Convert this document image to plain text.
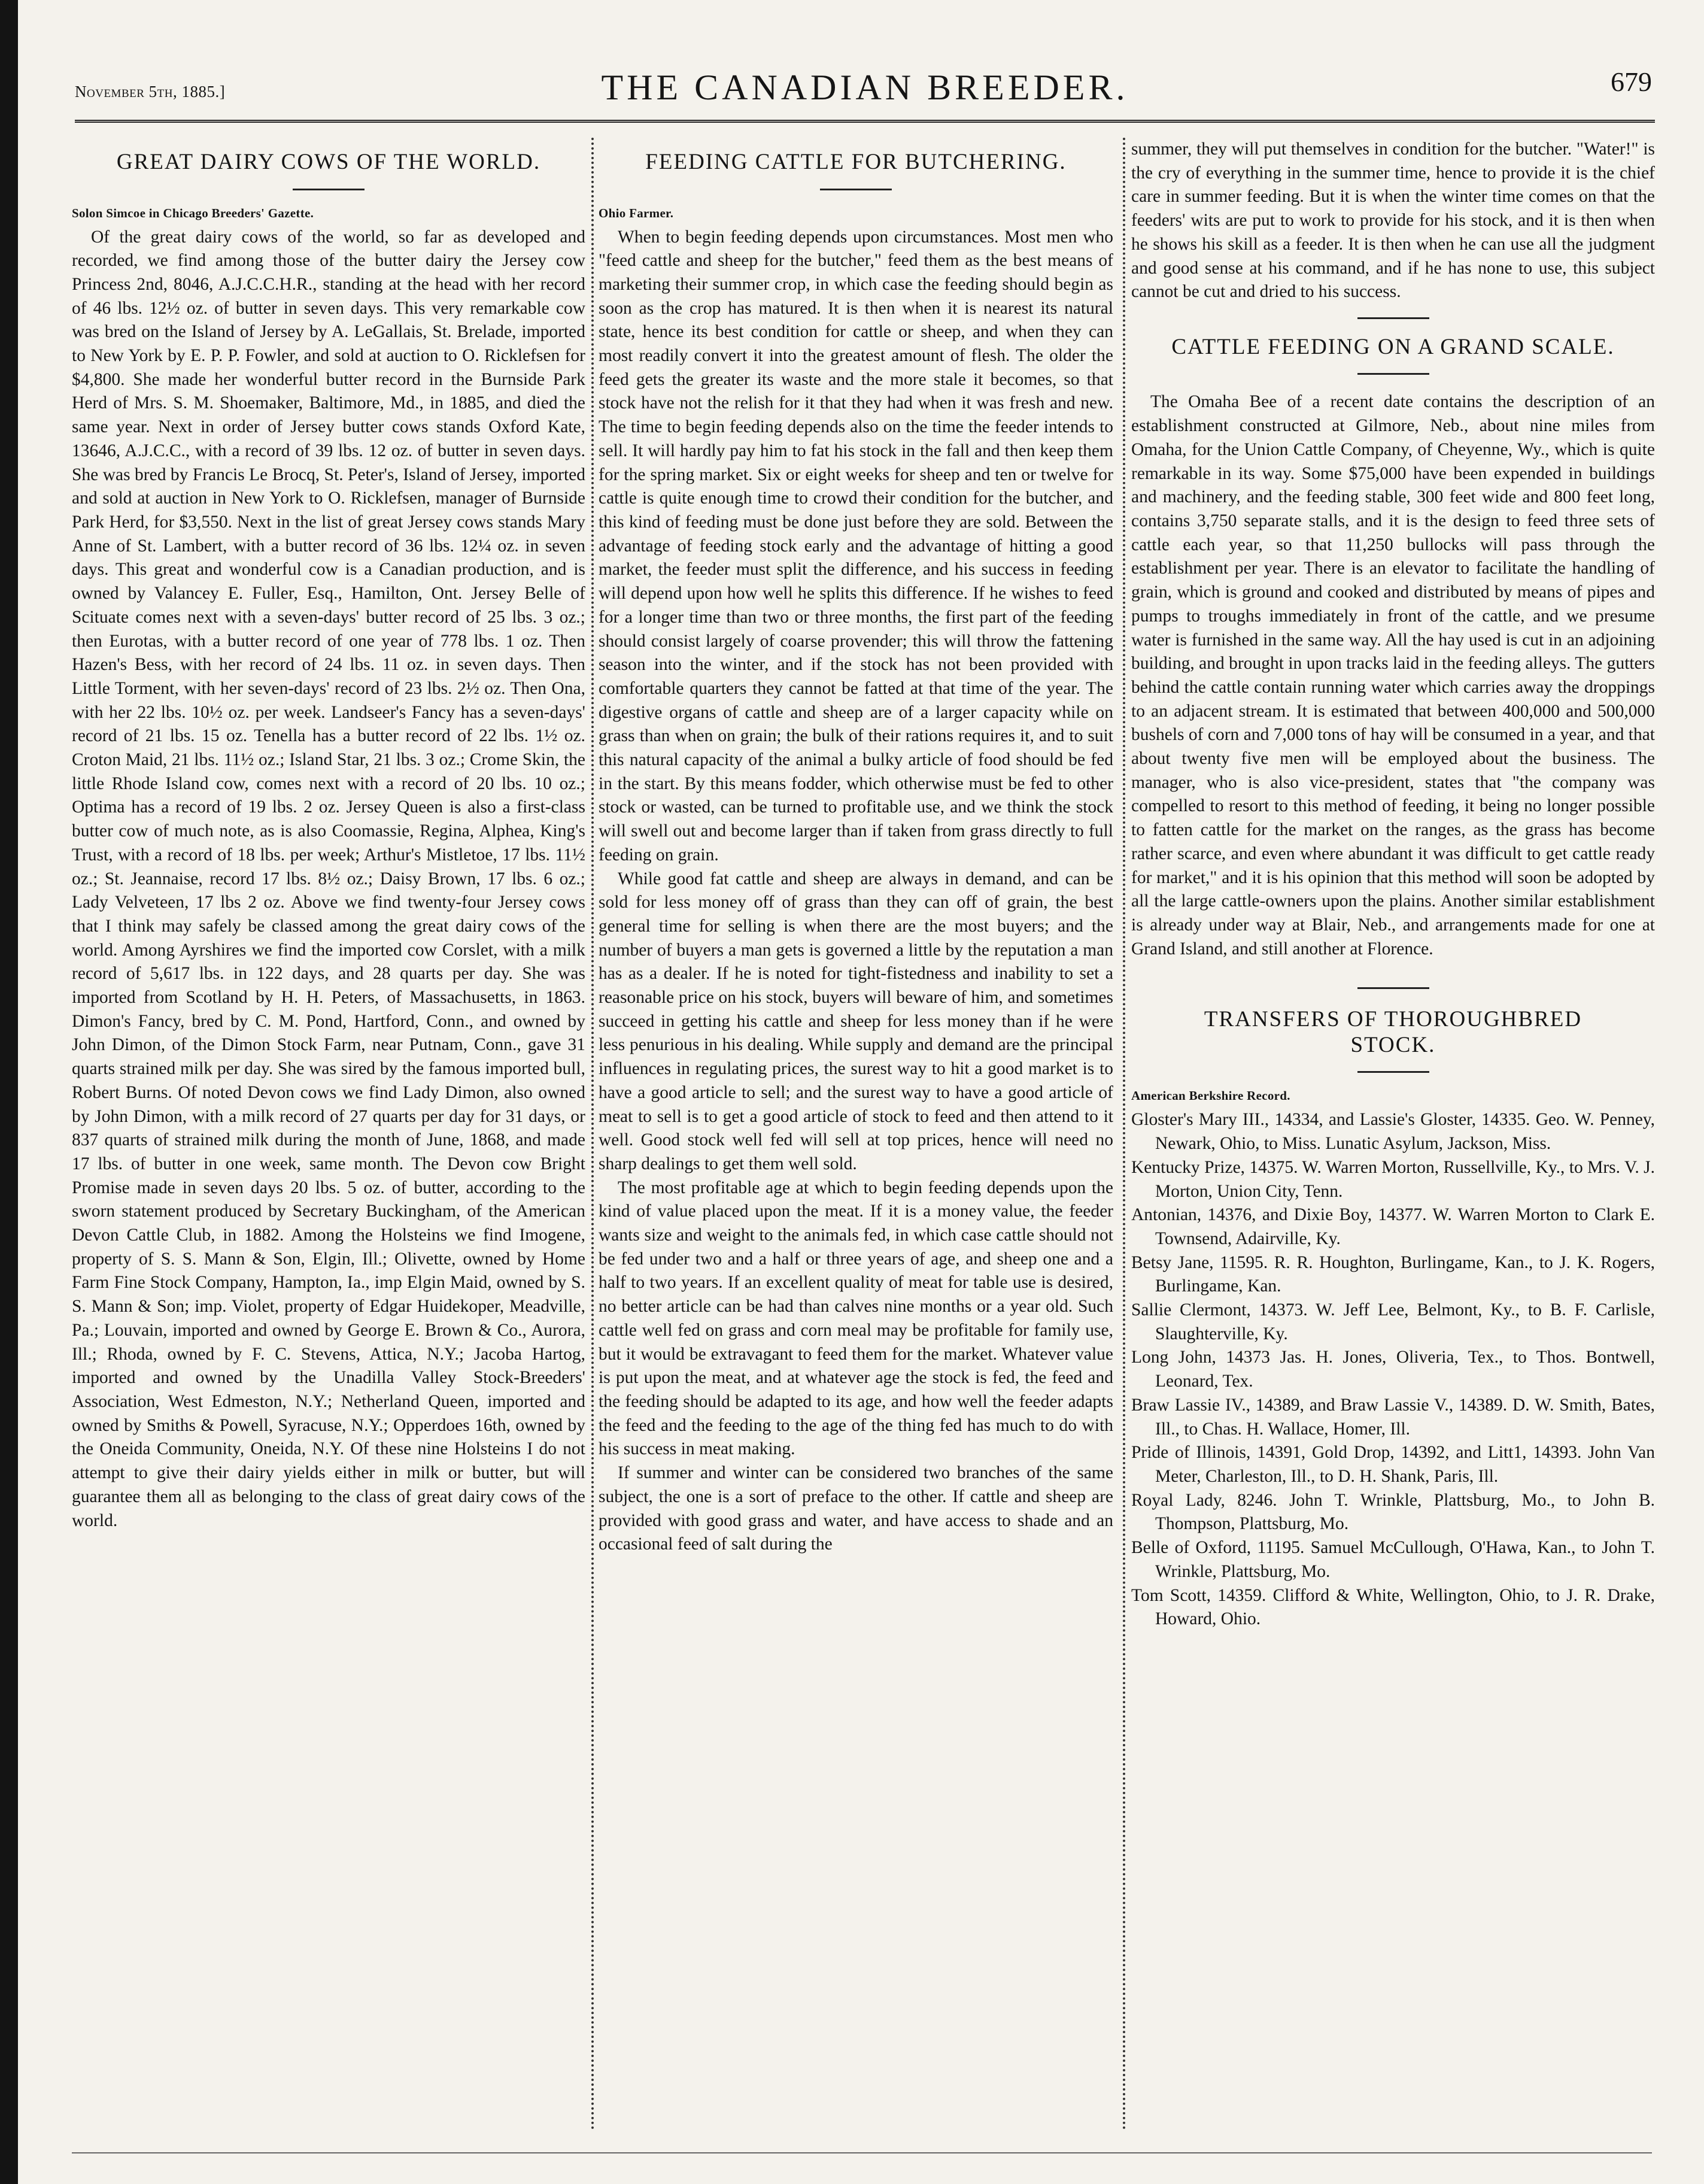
November 5th, 1885.]	THE CANADIAN BREEDER.	679
GREAT DAIRY COWS OF THE WORLD.
Solon Simcoe in Chicago Breeders' Gazette.

Of the great dairy cows of the world, so far as developed and recorded, we find among those of the butter dairy the Jersey cow Princess 2nd, 8046, A.J.C.C.H.R., standing at the head with her record of 46 lbs. 12½ oz. of butter in seven days. This very remarkable cow was bred on the Island of Jersey by A. LeGallais, St. Brelade, imported to New York by E. P. P. Fowler, and sold at auction to O. Ricklefsen for $4,800. She made her wonderful butter record in the Burnside Park Herd of Mrs. S. M. Shoemaker, Baltimore, Md., in 1885, and died the same year. Next in order of Jersey butter cows stands Oxford Kate, 13646, A.J.C.C., with a record of 39 lbs. 12 oz. of butter in seven days. She was bred by Francis Le Brocq, St. Peter's, Island of Jersey, imported and sold at auction in New York to O. Ricklefsen, manager of Burnside Park Herd, for $3,550. Next in the list of great Jersey cows stands Mary Anne of St. Lambert, with a butter record of 36 lbs. 12¼ oz. in seven days. This great and wonderful cow is a Canadian production, and is owned by Valancey E. Fuller, Esq., Hamilton, Ont. Jersey Belle of Scituate comes next with a seven-days' butter record of 25 lbs. 3 oz.; then Eurotas, with a butter record of one year of 778 lbs. 1 oz. Then Hazen's Bess, with her record of 24 lbs. 11 oz. in seven days. Then Little Torment, with her seven-days' record of 23 lbs. 2½ oz. Then Ona, with her 22 lbs. 10½ oz. per week. Landseer's Fancy has a seven-days' record of 21 lbs. 15 oz. Tenella has a butter record of 22 lbs. 1½ oz. Croton Maid, 21 lbs. 11½ oz.; Island Star, 21 lbs. 3 oz.; Crome Skin, the little Rhode Island cow, comes next with a record of 20 lbs. 10 oz.; Optima has a record of 19 lbs. 2 oz. Jersey Queen is also a first-class butter cow of much note, as is also Coomassie, Regina, Alphea, King's Trust, with a record of 18 lbs. per week; Arthur's Mistletoe, 17 lbs. 11½ oz.; St. Jeannaise, record 17 lbs. 8½ oz.; Daisy Brown, 17 lbs. 6 oz.; Lady Velveteen, 17 lbs 2 oz. Above we find twenty-four Jersey cows that I think may safely be classed among the great dairy cows of the world. Among Ayrshires we find the imported cow Corslet, with a milk record of 5,617 lbs. in 122 days, and 28 quarts per day. She was imported from Scotland by H. H. Peters, of Massachusetts, in 1863. Dimon's Fancy, bred by C. M. Pond, Hartford, Conn., and owned by John Dimon, of the Dimon Stock Farm, near Putnam, Conn., gave 31 quarts strained milk per day. She was sired by the famous imported bull, Robert Burns. Of noted Devon cows we find Lady Dimon, also owned by John Dimon, with a milk record of 27 quarts per day for 31 days, or 837 quarts of strained milk during the month of June, 1868, and made 17 lbs. of butter in one week, same month. The Devon cow Bright Promise made in seven days 20 lbs. 5 oz. of butter, according to the sworn statement produced by Secretary Buckingham, of the American Devon Cattle Club, in 1882. Among the Holsteins we find Imogene, property of S. S. Mann & Son, Elgin, Ill.; Olivette, owned by Home Farm Fine Stock Company, Hampton, Ia., imp Elgin Maid, owned by S. S. Mann & Son; imp. Violet, property of Edgar Huidekoper, Meadville, Pa.; Louvain, imported and owned by George E. Brown & Co., Aurora, Ill.; Rhoda, owned by F. C. Stevens, Attica, N.Y.; Jacoba Hartog, imported and owned by the Unadilla Valley Stock-Breeders' Association, West Edmeston, N.Y.; Netherland Queen, imported and owned by Smiths & Powell, Syracuse, N.Y.; Opperdoes 16th, owned by the Oneida Community, Oneida, N.Y. Of these nine Holsteins I do not attempt to give their dairy yields either in milk or butter, but will guarantee them all as belonging to the class of great dairy cows of the world.

FEEDING CATTLE FOR BUTCHERING.
Ohio Farmer.

When to begin feeding depends upon circumstances. Most men who "feed cattle and sheep for the butcher," feed them as the best means of marketing their summer crop, in which case the feeding should begin as soon as the crop has matured. It is then when it is nearest its natural state, hence its best condition for cattle or sheep, and when they can most readily convert it into the greatest amount of flesh. The older the feed gets the greater its waste and the more stale it becomes, so that stock have not the relish for it that they had when it was fresh and new. The time to begin feeding depends also on the time the feeder intends to sell. It will hardly pay him to fat his stock in the fall and then keep them for the spring market. Six or eight weeks for sheep and ten or twelve for cattle is quite enough time to crowd their condition for the butcher, and this kind of feeding must be done just before they are sold. Between the advantage of feeding stock early and the advantage of hitting a good market, the feeder must split the difference, and his success in feeding will depend upon how well he splits this difference. If he wishes to feed for a longer time than two or three months, the first part of the feeding should consist largely of coarse provender; this will throw the fattening season into the winter, and if the stock has not been provided with comfortable quarters they cannot be fatted at that time of the year. The digestive organs of cattle and sheep are of a larger capacity while on grass than when on grain; the bulk of their rations requires it, and to suit this natural capacity of the animal a bulky article of food should be fed in the start. By this means fodder, which otherwise must be fed to other stock or wasted, can be turned to profitable use, and we think the stock will swell out and become larger than if taken from grass directly to full feeding on grain.

While good fat cattle and sheep are always in demand, and can be sold for less money off of grass than they can off of grain, the best general time for selling is when there are the most buyers; and the number of buyers a man gets is governed a little by the reputation a man has as a dealer. If he is noted for tight-fistedness and inability to set a reasonable price on his stock, buyers will beware of him, and sometimes succeed in getting his cattle and sheep for less money than if he were less penurious in his dealing. While supply and demand are the principal influences in regulating prices, the surest way to hit a good market is to have a good article to sell; and the surest way to have a good article of meat to sell is to get a good article of stock to feed and then attend to it well. Good stock well fed will sell at top prices, hence will need no sharp dealings to get them well sold.

The most profitable age at which to begin feeding depends upon the kind of value placed upon the meat. If it is a money value, the feeder wants size and weight to the animals fed, in which case cattle should not be fed under two and a half or three years of age, and sheep one and a half to two years. If an excellent quality of meat for table use is desired, no better article can be had than calves nine months or a year old. Such cattle well fed on grass and corn meal may be profitable for family use, but it would be extravagant to feed them for the market. Whatever value is put upon the meat, and at whatever age the stock is fed, the feed and the feeding should be adapted to its age, and how well the feeder adapts the feed and the feeding to the age of the thing fed has much to do with his success in meat making.

If summer and winter can be considered two branches of the same subject, the one is a sort of preface to the other. If cattle and sheep are provided with good grass and water, and have access to shade and an occasional feed of salt during the

summer, they will put themselves in condition for the butcher. "Water!" is the cry of everything in the summer time, hence to provide it is the chief care in summer feeding. But it is when the winter time comes on that the feeders' wits are put to work to provide for his stock, and it is then when he shows his skill as a feeder. It is then when he can use all the judgment and good sense at his command, and if he has none to use, this subject cannot be cut and dried to his success.

CATTLE FEEDING ON A GRAND SCALE.

The Omaha Bee of a recent date contains the description of an establishment constructed at Gilmore, Neb., about nine miles from Omaha, for the Union Cattle Company, of Cheyenne, Wy., which is quite remarkable in its way. Some $75,000 have been expended in buildings and machinery, and the feeding stable, 300 feet wide and 800 feet long, contains 3,750 separate stalls, and it is the design to feed three sets of cattle each year, so that 11,250 bullocks will pass through the establishment per year. There is an elevator to facilitate the handling of grain, which is ground and cooked and distributed by means of pipes and pumps to troughs immediately in front of the cattle, and we presume water is furnished in the same way. All the hay used is cut in an adjoining building, and brought in upon tracks laid in the feeding alleys. The gutters behind the cattle contain running water which carries away the droppings to an adjacent stream. It is estimated that between 400,000 and 500,000 bushels of corn and 7,000 tons of hay will be consumed in a year, and that about twenty five men will be employed about the business. The manager, who is also vice-president, states that "the company was compelled to resort to this method of feeding, it being no longer possible to fatten cattle for the market on the ranges, as the grass has become rather scarce, and even where abundant it was difficult to get cattle ready for market," and it is his opinion that this method will soon be adopted by all the large cattle-owners upon the plains. Another similar establishment is already under way at Blair, Neb., and arrangements made for one at Grand Island, and still another at Florence.

TRANSFERS OF THOROUGHBRED
STOCK.
American Berkshire Record.

Gloster's Mary III., 14334, and Lassie's Gloster, 14335. Geo. W. Penney, Newark, Ohio, to Miss. Lunatic Asylum, Jackson, Miss.

Kentucky Prize, 14375. W. Warren Morton, Russellville, Ky., to Mrs. V. J. Morton, Union City, Tenn.

Antonian, 14376, and Dixie Boy, 14377. W. Warren Morton to Clark E. Townsend, Adairville, Ky.

Betsy Jane, 11595. R. R. Houghton, Burlingame, Kan., to J. K. Rogers, Burlingame, Kan.

Sallie Clermont, 14373. W. Jeff Lee, Belmont, Ky., to B. F. Carlisle, Slaughterville, Ky.

Long John, 14373 Jas. H. Jones, Oliveria, Tex., to Thos. Bontwell, Leonard, Tex.

Braw Lassie IV., 14389, and Braw Lassie V., 14389. D. W. Smith, Bates, Ill., to Chas. H. Wallace, Homer, Ill.

Pride of Illinois, 14391, Gold Drop, 14392, and Litt1, 14393. John Van Meter, Charleston, Ill., to D. H. Shank, Paris, Ill.

Royal Lady, 8246. John T. Wrinkle, Plattsburg, Mo., to John B. Thompson, Plattsburg, Mo.

Belle of Oxford, 11195. Samuel McCullough, O'Hawa, Kan., to John T. Wrinkle, Plattsburg, Mo.

Tom Scott, 14359. Clifford & White, Wellington, Ohio, to J. R. Drake, Howard, Ohio.
